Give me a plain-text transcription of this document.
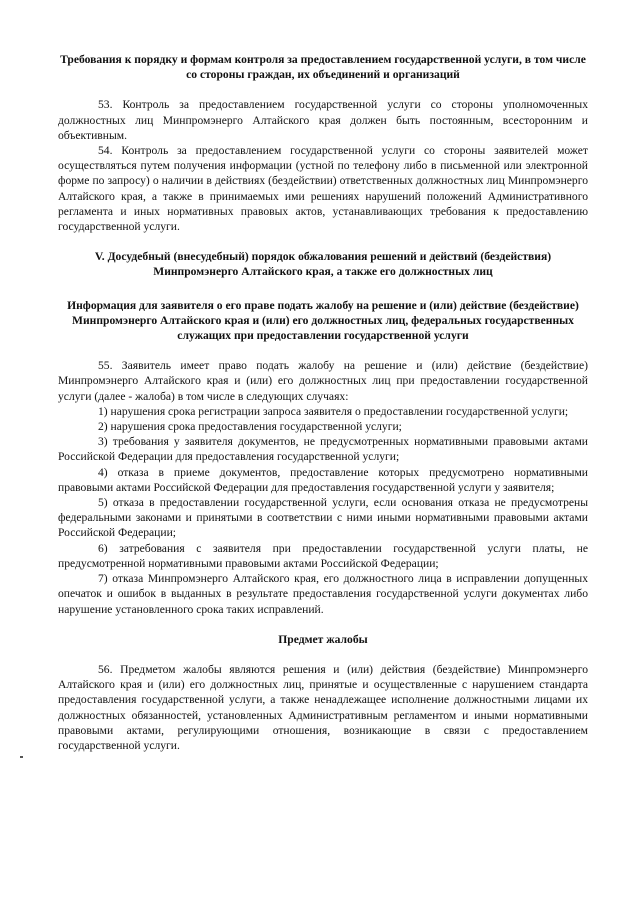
Требования к порядку и формам контроля за предоставлением государственной услуги, в том числе со стороны граждан, их объединений и организаций

53. Контроль за предоставлением государственной услуги со стороны уполномоченных должностных лиц Минпромэнерго Алтайского края должен быть постоянным, всесторонним и объективным.

54. Контроль за предоставлением государственной услуги со стороны заявителей может осуществляться путем получения информации (устной по телефону либо в письменной или электронной форме по запросу) о наличии в действиях (бездействии) ответственных должностных лиц Минпромэнерго Алтайского края, а также в принимаемых ими решениях нарушений положений Административного регламента и иных нормативных правовых актов, устанавливающих требования к предоставлению государственной услуги.

V. Досудебный (внесудебный) порядок обжалования решений и действий (бездействия) Минпромэнерго Алтайского края, а также его должностных лиц

Информация для заявителя о его праве подать жалобу на решение и (или) действие (бездействие) Минпромэнерго Алтайского края и (или) его должностных лиц, федеральных государственных служащих при предоставлении государственной услуги

55. Заявитель имеет право подать жалобу на решение и (или) действие (бездействие) Минпромэнерго Алтайского края и (или) его должностных лиц при предоставлении государственной услуги (далее - жалоба) в том числе в следующих случаях:

1) нарушения срока регистрации запроса заявителя о предоставлении государственной услуги;

2) нарушения срока предоставления государственной услуги;

3) требования у заявителя документов, не предусмотренных нормативными правовыми актами Российской Федерации для предоставления государственной услуги;

4) отказа в приеме документов, предоставление которых предусмотрено нормативными правовыми актами Российской Федерации для предоставления государственной услуги у заявителя;

5) отказа в предоставлении государственной услуги, если основания отказа не предусмотрены федеральными законами и принятыми в соответствии с ними иными нормативными правовыми актами Российской Федерации;

6) затребования с заявителя при предоставлении государственной услуги платы, не предусмотренной нормативными правовыми актами Российской Федерации;

7) отказа Минпромэнерго Алтайского края, его должностного лица в исправлении допущенных опечаток и ошибок в выданных в результате предоставления государственной услуги документах либо нарушение установленного срока таких исправлений.

Предмет жалобы

56. Предметом жалобы являются решения и (или) действия (бездействие) Минпромэнерго Алтайского края и (или) его должностных лиц, принятые и осуществленные с нарушением стандарта предоставления государственной услуги, а также ненадлежащее исполнение должностными лицами их должностных обязанностей, установленных Административным регламентом и иными нормативными правовыми актами, регулирующими отношения, возникающие в связи с предоставлением государственной услуги.
